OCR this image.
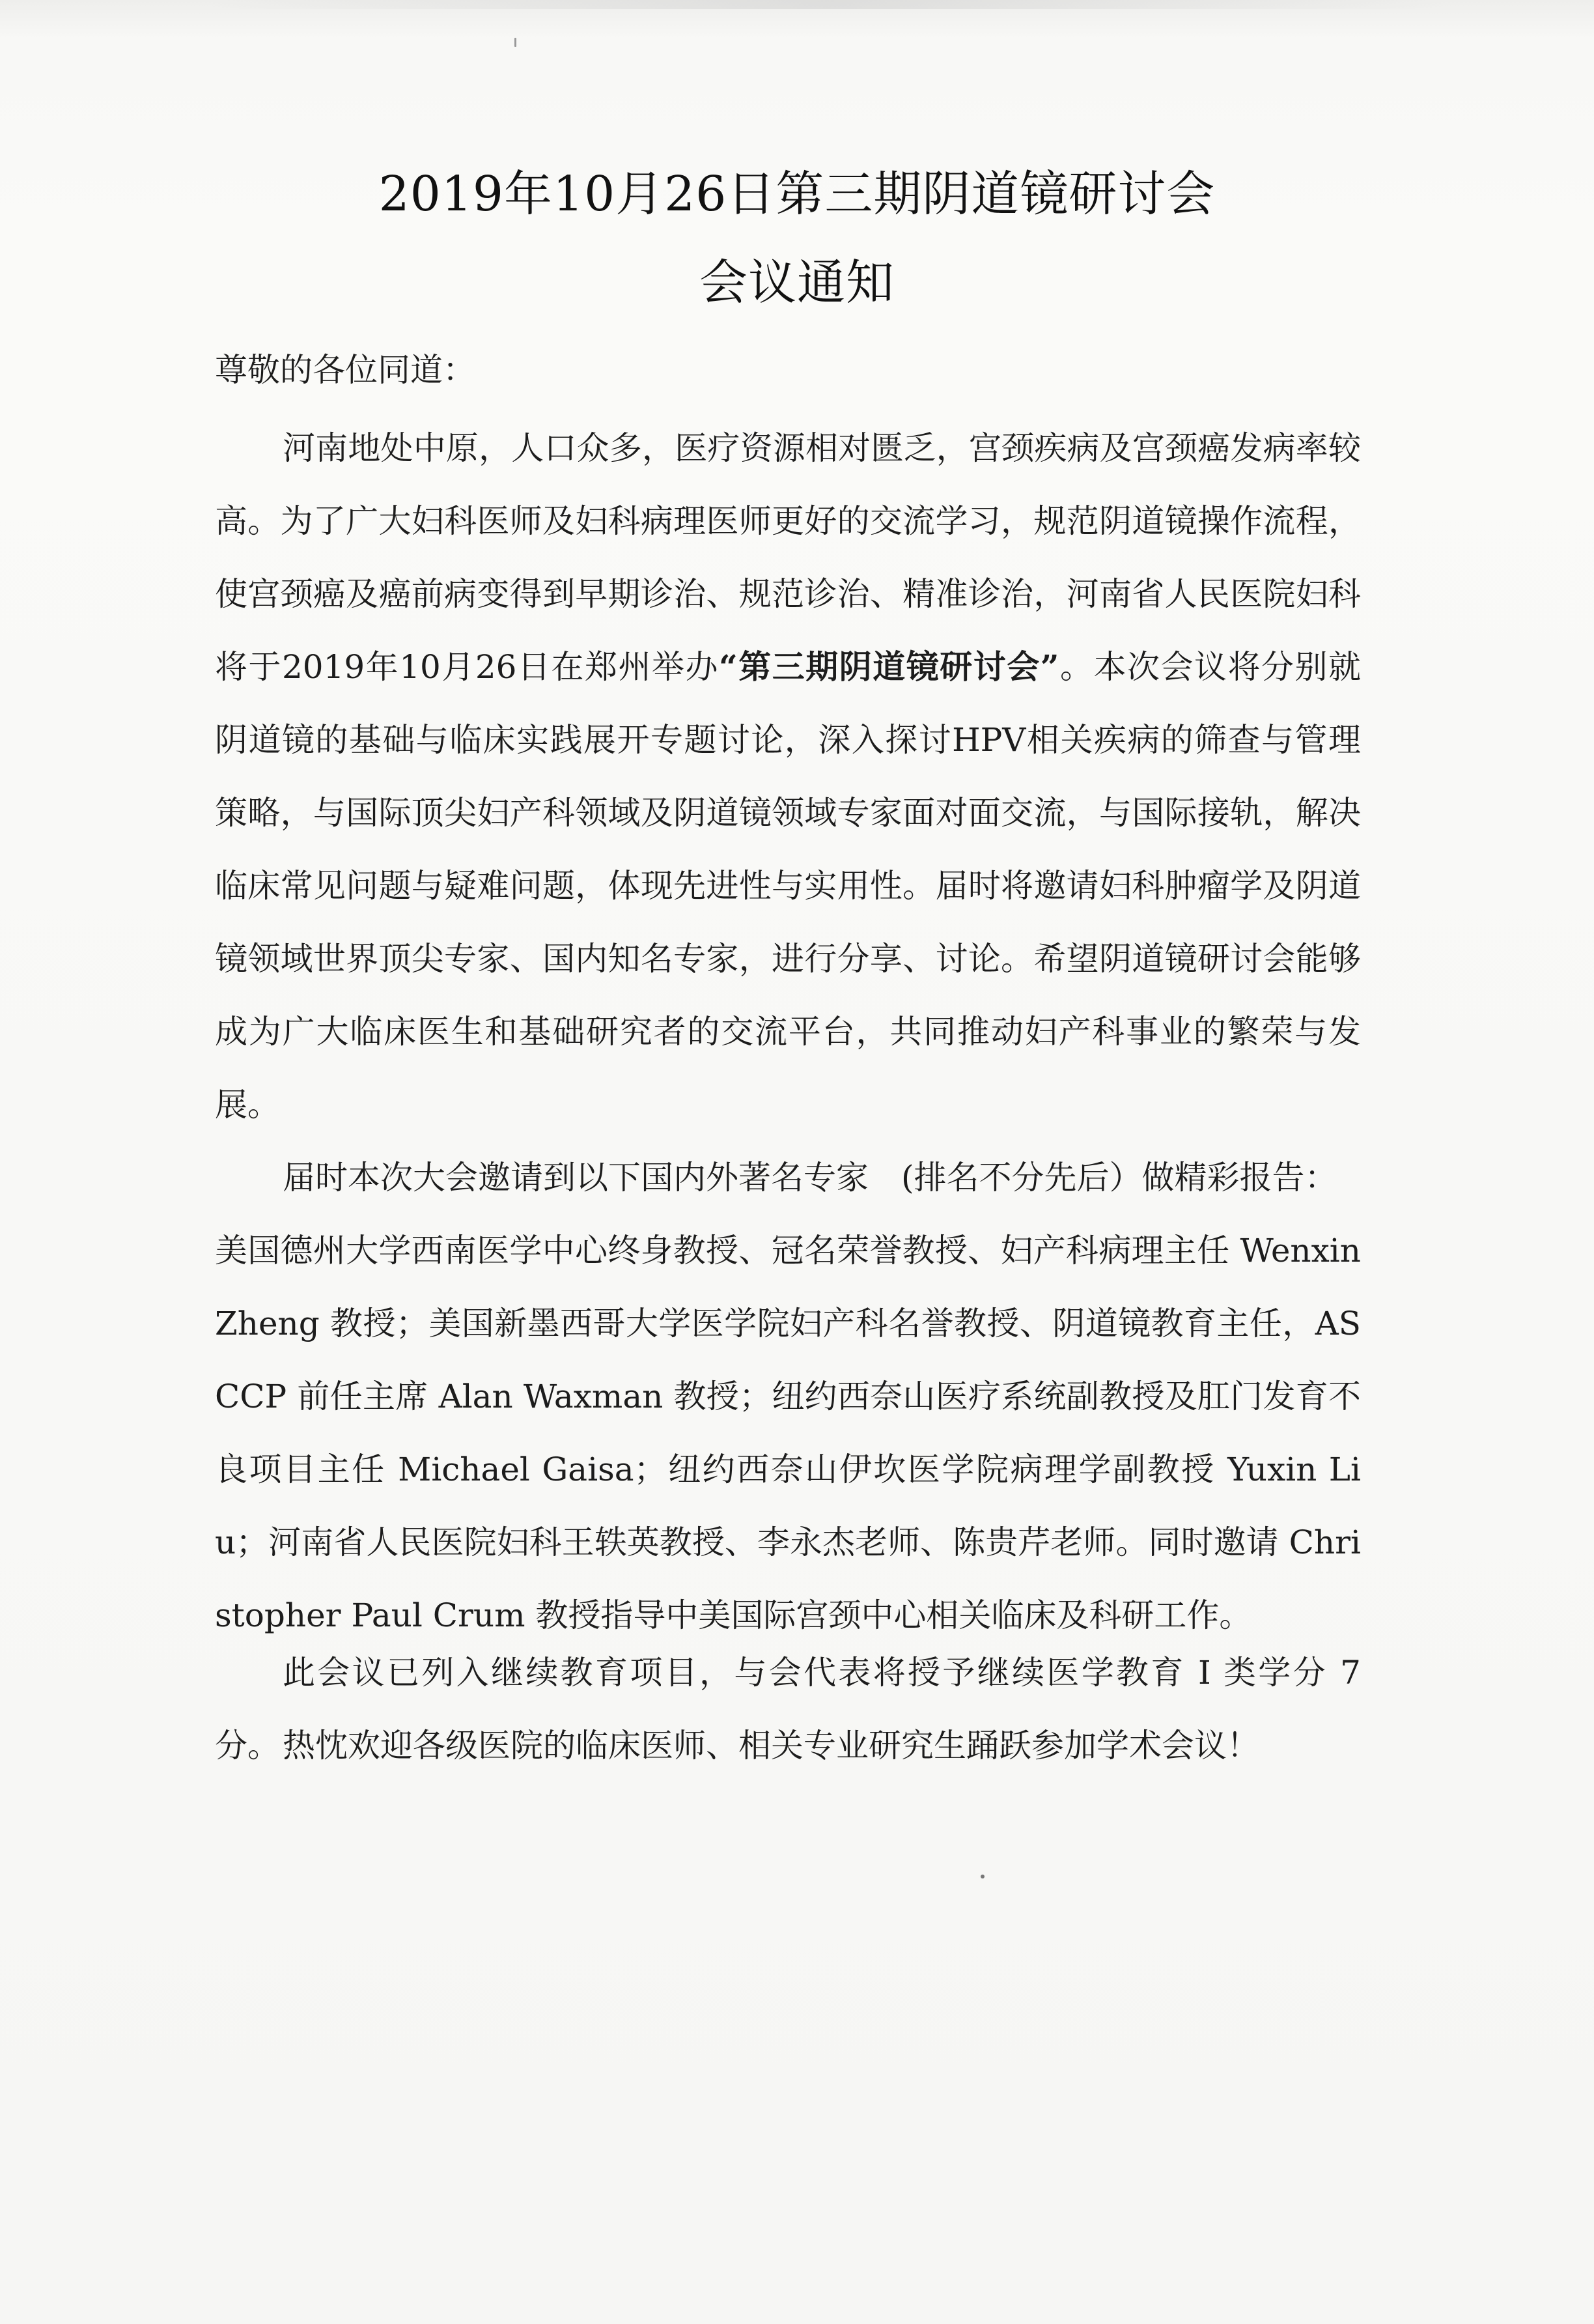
2019年10月26日第三期阴道镜研讨会
会议通知
尊敬的各位同道：
河南地处中原，人口众多，医疗资源相对匮乏，宫颈疾病及宫颈癌发病率较高。为了广大妇科医师及妇科病理医师更好的交流学习，规范阴道镜操作流程，使宫颈癌及癌前病变得到早期诊治、规范诊治、精准诊治，河南省人民医院妇科将于2019年10月26日在郑州举办“第三期阴道镜研讨会”。本次会议将分别就阴道镜的基础与临床实践展开专题讨论，深入探讨HPV相关疾病的筛查与管理策略，与国际顶尖妇产科领域及阴道镜领域专家面对面交流，与国际接轨，解决临床常见问题与疑难问题，体现先进性与实用性。届时将邀请妇科肿瘤学及阴道镜领域世界顶尖专家、国内知名专家，进行分享、讨论。希望阴道镜研讨会能够成为广大临床医生和基础研究者的交流平台，共同推动妇产科事业的繁荣与发展。
届时本次大会邀请到以下国内外著名专家　(排名不分先后）做精彩报告：
美国德州大学西南医学中心终身教授、冠名荣誉教授、妇产科病理主任 Wenxin Zheng 教授；美国新墨西哥大学医学院妇产科名誉教授、阴道镜教育主任，ASCCP 前任主席 Alan Waxman 教授；纽约西奈山医疗系统副教授及肛门发育不良项目主任 Michael Gaisa；纽约西奈山伊坎医学院病理学副教授 Yuxin Liu；河南省人民医院妇科王轶英教授、李永杰老师、陈贵芹老师。同时邀请 Christopher Paul Crum 教授指导中美国际宫颈中心相关临床及科研工作。
此会议已列入继续教育项目，与会代表将授予继续医学教育 I 类学分 7 分。 热忱欢迎各级医院的临床医师、相关专业研究生踊跃参加学术会议！
